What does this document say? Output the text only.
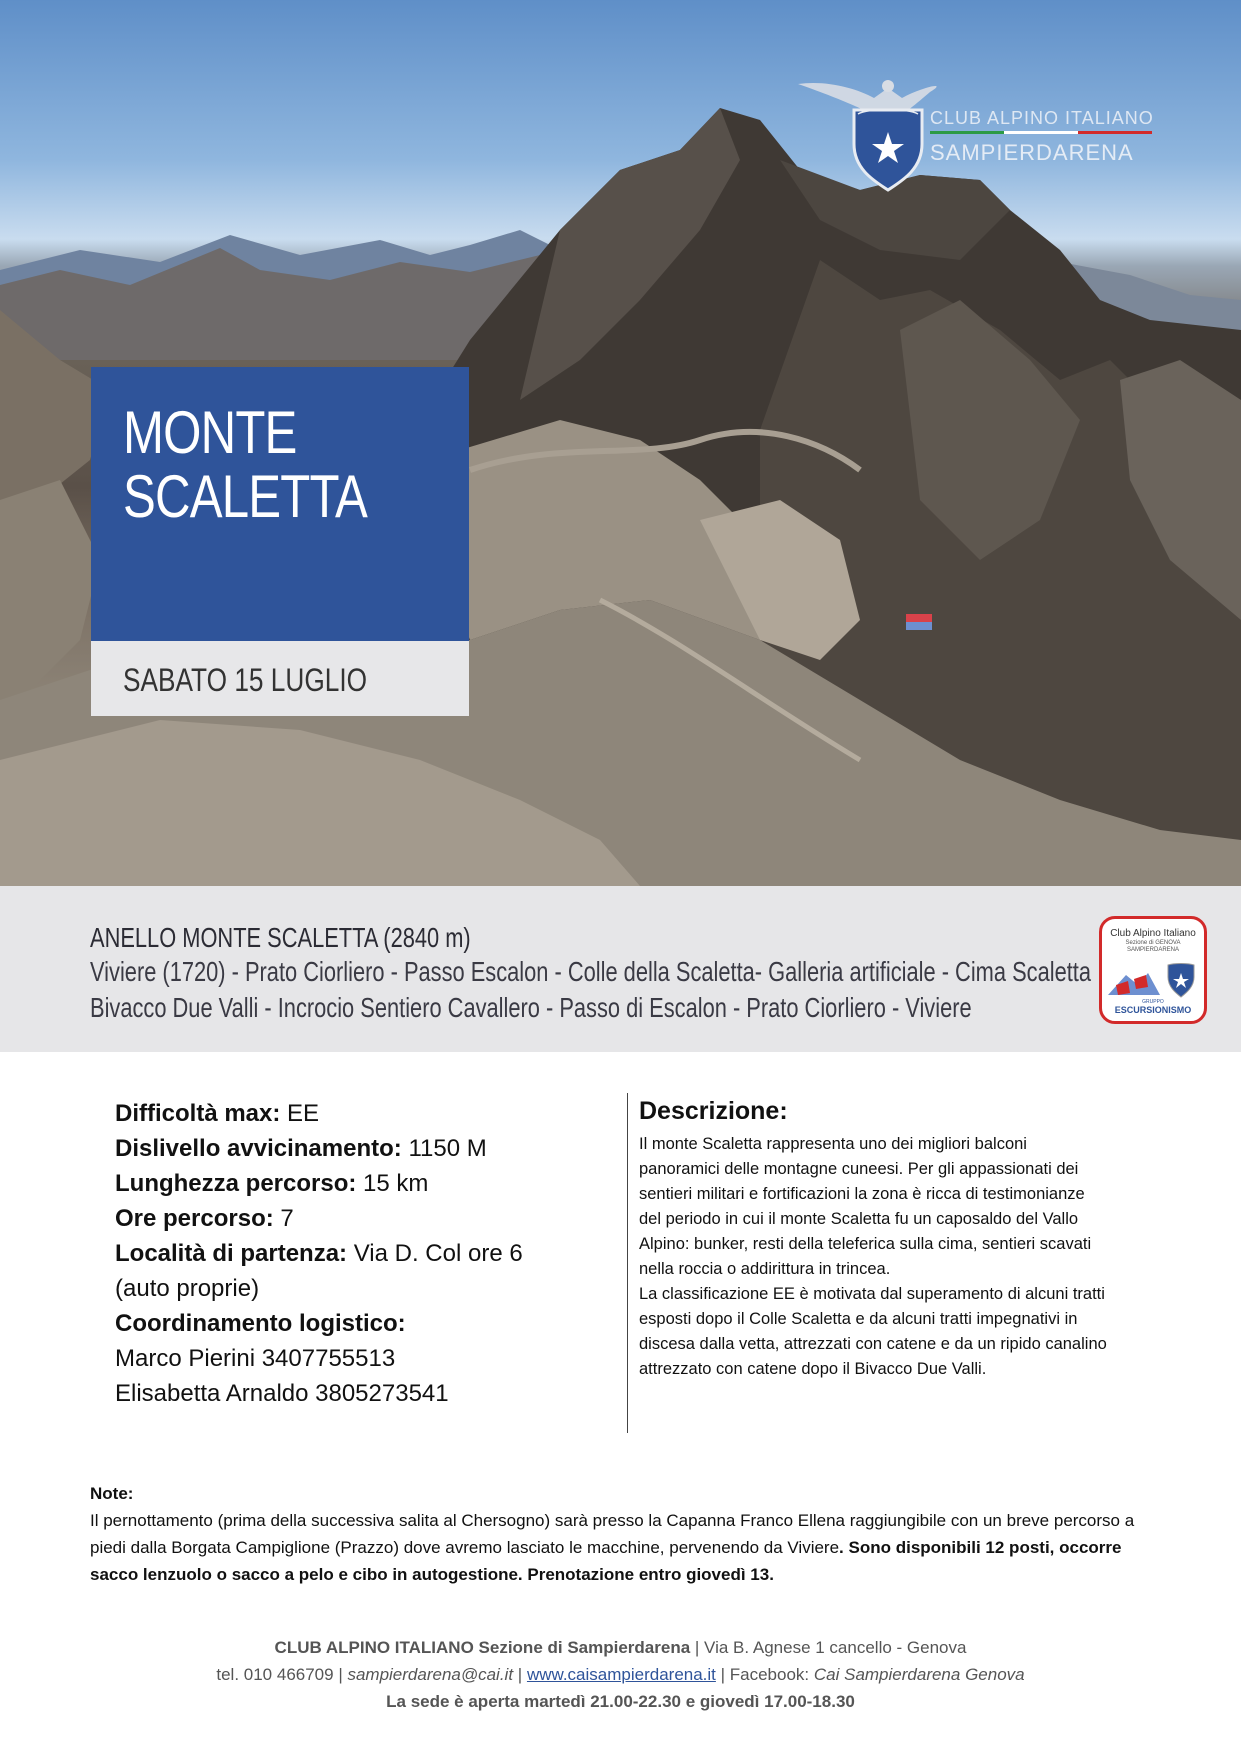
MONTE
SCALETTA
SABATO 15 LUGLIO
CLUB ALPINO ITALIANO
SAMPIERDARENA
ANELLO MONTE SCALETTA (2840 m)
Viviere (1720) - Prato Ciorliero - Passo Escalon - Colle della Scaletta- Galleria artificiale - Cima Scaletta
Bivacco Due Valli - Incrocio Sentiero Cavallero - Passo di Escalon - Prato Ciorliero - Viviere
Club Alpino Italiano
Sezione di GENOVA
SAMPIERDARENA
GRUPPO
ESCURSIONISMO
Difficoltà max: EE
Dislivello avvicinamento: 1150 M
Lunghezza percorso: 15 km
Ore percorso: 7
Località di partenza: Via D. Col ore 6
(auto proprie)
Coordinamento logistico:
Marco Pierini 3407755513
Elisabetta Arnaldo 3805273541
Descrizione:

Il monte Scaletta rappresenta uno dei migliori balconi panoramici delle montagne cuneesi. Per gli appassionati dei sentieri militari e fortificazioni la zona è ricca di testimonianze del periodo in cui il monte Scaletta fu un caposaldo del Vallo Alpino: bunker, resti della teleferica sulla cima, sentieri scavati nella roccia o addirittura in trincea.

La classificazione EE è motivata dal superamento di alcuni tratti esposti dopo il Colle Scaletta e da alcuni tratti impegnativi in discesa dalla vetta, attrezzati con catene e da un ripido canalino attrezzato con catene dopo il Bivacco Due Valli.

Note:
Il pernottamento (prima della successiva salita al Chersogno) sarà presso la Capanna Franco Ellena raggiungibile con un breve percorso a piedi dalla Borgata Campiglione (Prazzo) dove avremo lasciato le macchine, pervenendo da Viviere. Sono disponibili 12 posti, occorre sacco lenzuolo o sacco a pelo e cibo in autogestione. Prenotazione entro giovedì 13.
CLUB ALPINO ITALIANO Sezione di Sampierdarena | Via B. Agnese 1 cancello - Genova
tel. 010 466709 | sampierdarena@cai.it | www.caisampierdarena.it | Facebook: Cai Sampierdarena Genova
La sede è aperta martedì 21.00-22.30 e giovedì 17.00-18.30
